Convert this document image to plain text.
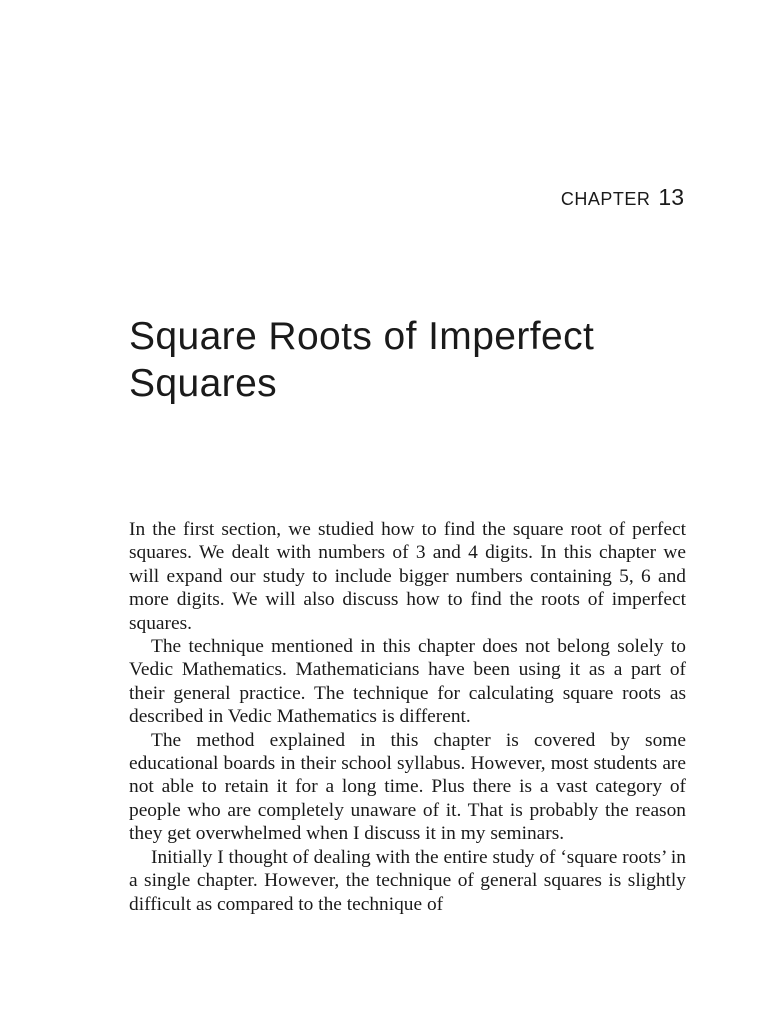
CHAPTER 13
Square Roots of Imperfect
Squares

In the first section, we studied how to find the square root of perfect squares. We dealt with numbers of 3 and 4 digits. In this chapter we will expand our study to include bigger numbers containing 5, 6 and more digits. We will also discuss how to find the roots of imperfect squares.

The technique mentioned in this chapter does not belong solely to Vedic Mathematics. Mathematicians have been using it as a part of their general practice. The technique for calculating square roots as described in Vedic Mathematics is different.

The method explained in this chapter is covered by some educational boards in their school syllabus. However, most students are not able to retain it for a long time. Plus there is a vast category of people who are completely unaware of it. That is probably the reason they get overwhelmed when I discuss it in my seminars.

Initially I thought of dealing with the entire study of ‘square roots’ in a single chapter. However, the technique of general squares is slightly difficult as compared to the technique of
